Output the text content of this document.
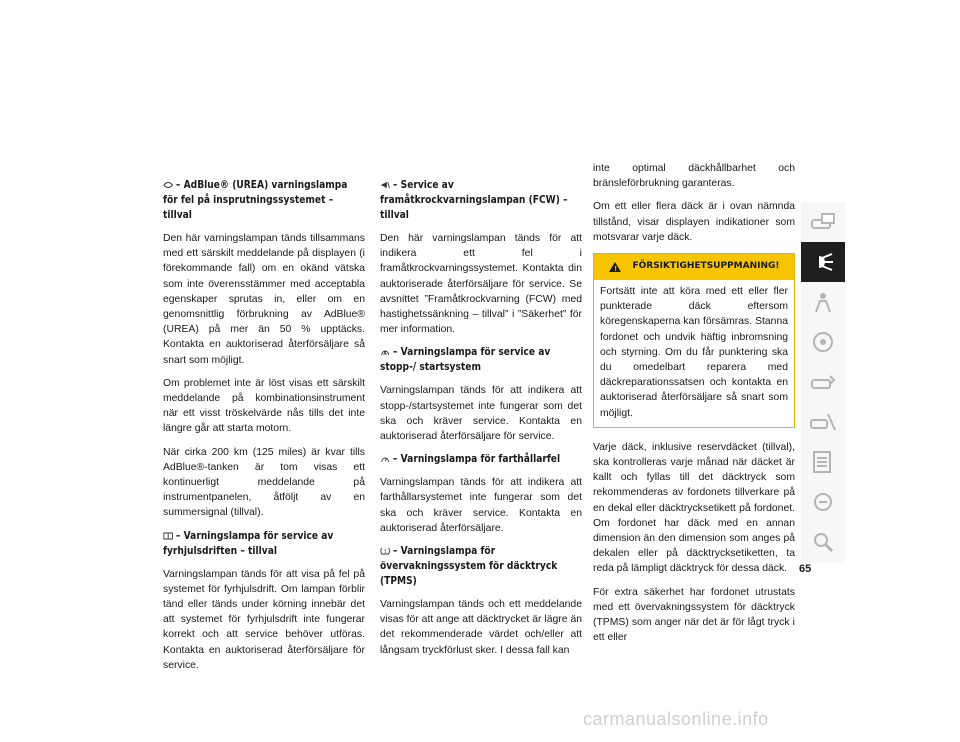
– AdBlue® (UREA) varningslampa för fel på insprutningssystemet – tillval

Den här varningslampan tänds tillsammans med ett särskilt meddelande på displayen (i förekommande fall) om en okänd vätska som inte överensstämmer med acceptabla egenskaper sprutas in, eller om en genomsnittlig förbrukning av AdBlue® (UREA) på mer än 50 % upptäcks. Kontakta en auktoriserad återförsäljare så snart som möjligt.

Om problemet inte är löst visas ett särskilt meddelande på kombinationsinstrument när ett visst tröskelvärde nås tills det inte längre går att starta motorn.

När cirka 200 km (125 miles) är kvar tills AdBlue®-tanken är tom visas ett kontinuerligt meddelande på instrumentpanelen, åtföljt av en summersignal (tillval).

– Varningslampa för service av fyrhjulsdriften – tillval

Varningslampan tänds för att visa på fel på systemet för fyrhjulsdrift. Om lampan förblir tänd eller tänds under körning innebär det att systemet för fyrhjulsdrift inte fungerar korrekt och att service behöver utföras. Kontakta en auktoriserad återförsäljare för service.

– Service av framåtkrockvarningslampan (FCW) – tillval

Den här varningslampan tänds för att indikera ett fel i framåtkrockvarningssystemet. Kontakta din auktoriserade återförsäljare för service. Se avsnittet ”Framåtkrockvarning (FCW) med hastighetssänkning – tillval” i ”Säkerhet” för mer information.

A – Varningslampa för service av stopp-/ startsystem

Varningslampan tänds för att indikera att stopp-/startsystemet inte fungerar som det ska och kräver service. Kontakta en auktoriserad återförsäljare för service.

– Varningslampa för farthållarfel

Varningslampan tänds för att indikera att farthållarsystemet inte fungerar som det ska och kräver service. Kontakta en auktoriserad återförsäljare.

! – Varningslampa för övervakningssystem för däcktryck (TPMS)

Varningslampan tänds och ett meddelande visas för att ange att däcktrycket är lägre än det rekommenderade värdet och/eller att långsam tryckförlust sker. I dessa fall kan

inte optimal däckhållbarhet och bränsleförbrukning garanteras.

Om ett eller flera däck är i ovan nämnda tillstånd, visar displayen indikationer som motsvarar varje däck.

! FÖRSIKTIGHETSUPPMANING!
Fortsätt inte att köra med ett eller fler punkterade däck eftersom köregenskaperna kan försämras. Stanna fordonet och undvik häftig inbromsning och styrning. Om du får punktering ska du omedelbart reparera med däckreparationssatsen och kontakta en auktoriserad återförsäljare så snart som möjligt.

Varje däck, inklusive reservdäcket (tillval), ska kontrolleras varje månad när däcket är kallt och fyllas till det däcktryck som rekommenderas av fordonets tillverkare på en dekal eller däcktrycksetikett på fordonet. Om fordonet har däck med en annan dimension än den dimension som anges på dekalen eller på däcktrycksetiketten, ta reda på lämpligt däcktryck för dessa däck.

För extra säkerhet har fordonet utrustats med ett övervakningssystem för däcktryck (TPMS) som anger när det är för lågt tryck i ett eller

65
carmanualsonline.info
